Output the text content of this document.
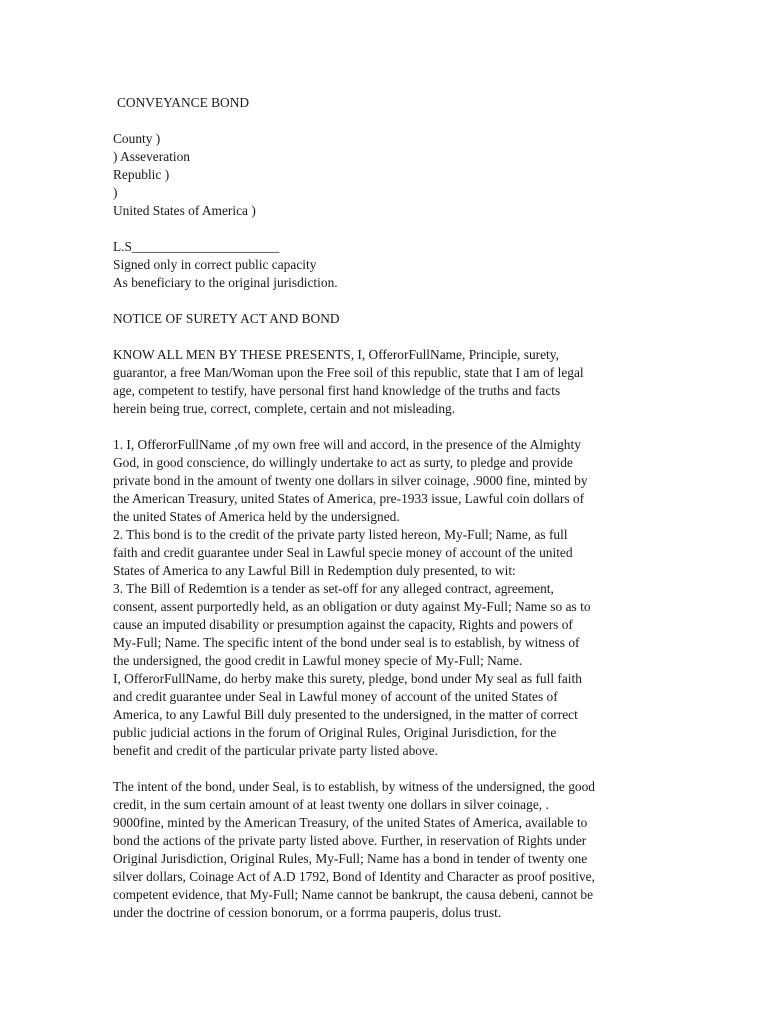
CONVEYANCE BOND
County )
) Asseveration
Republic )
)
United States of America )
L.S______________________
Signed only in correct public capacity
As beneficiary to the original jurisdiction.
NOTICE OF SURETY ACT AND BOND
KNOW ALL MEN BY THESE PRESENTS, I, OfferorFullName, Principle, surety,
guarantor, a free Man/Woman upon the Free soil of this republic, state that I am of legal
age, competent to testify, have personal first hand knowledge of the truths and facts
herein being true, correct, complete, certain and not misleading.
1. I, OfferorFullName ,of my own free will and accord, in the presence of the Almighty
God, in good conscience, do willingly undertake to act as surty, to pledge and provide
private bond in the amount of twenty one dollars in silver coinage, .9000 fine, minted by
the American Treasury, united States of America, pre-1933 issue, Lawful coin dollars of
the united States of America held by the undersigned.
2. This bond is to the credit of the private party listed hereon, My-Full; Name, as full
faith and credit guarantee under Seal in Lawful specie money of account of the united
States of America to any Lawful Bill in Redemption duly presented, to wit:
3. The Bill of Redemtion is a tender as set-off for any alleged contract, agreement,
consent, assent purportedly held, as an obligation or duty against My-Full; Name so as to
cause an imputed disability or presumption against the capacity, Rights and powers of
My-Full; Name. The specific intent of the bond under seal is to establish, by witness of
the undersigned, the good credit in Lawful money specie of My-Full; Name.
I, OfferorFullName, do herby make this surety, pledge, bond under My seal as full faith
and credit guarantee under Seal in Lawful money of account of the united States of
America, to any Lawful Bill duly presented to the undersigned, in the matter of correct
public judicial actions in the forum of Original Rules, Original Jurisdiction, for the
benefit and credit of the particular private party listed above.
The intent of the bond, under Seal, is to establish, by witness of the undersigned, the good
credit, in the sum certain amount of at least twenty one dollars in silver coinage, .
9000fine, minted by the American Treasury, of the united States of America, available to
bond the actions of the private party listed above. Further, in reservation of Rights under
Original Jurisdiction, Original Rules, My-Full; Name has a bond in tender of twenty one
silver dollars, Coinage Act of A.D 1792, Bond of Identity and Character as proof positive,
competent evidence, that My-Full; Name cannot be bankrupt, the causa debeni, cannot be
under the doctrine of cession bonorum, or a forrma pauperis, dolus trust.
